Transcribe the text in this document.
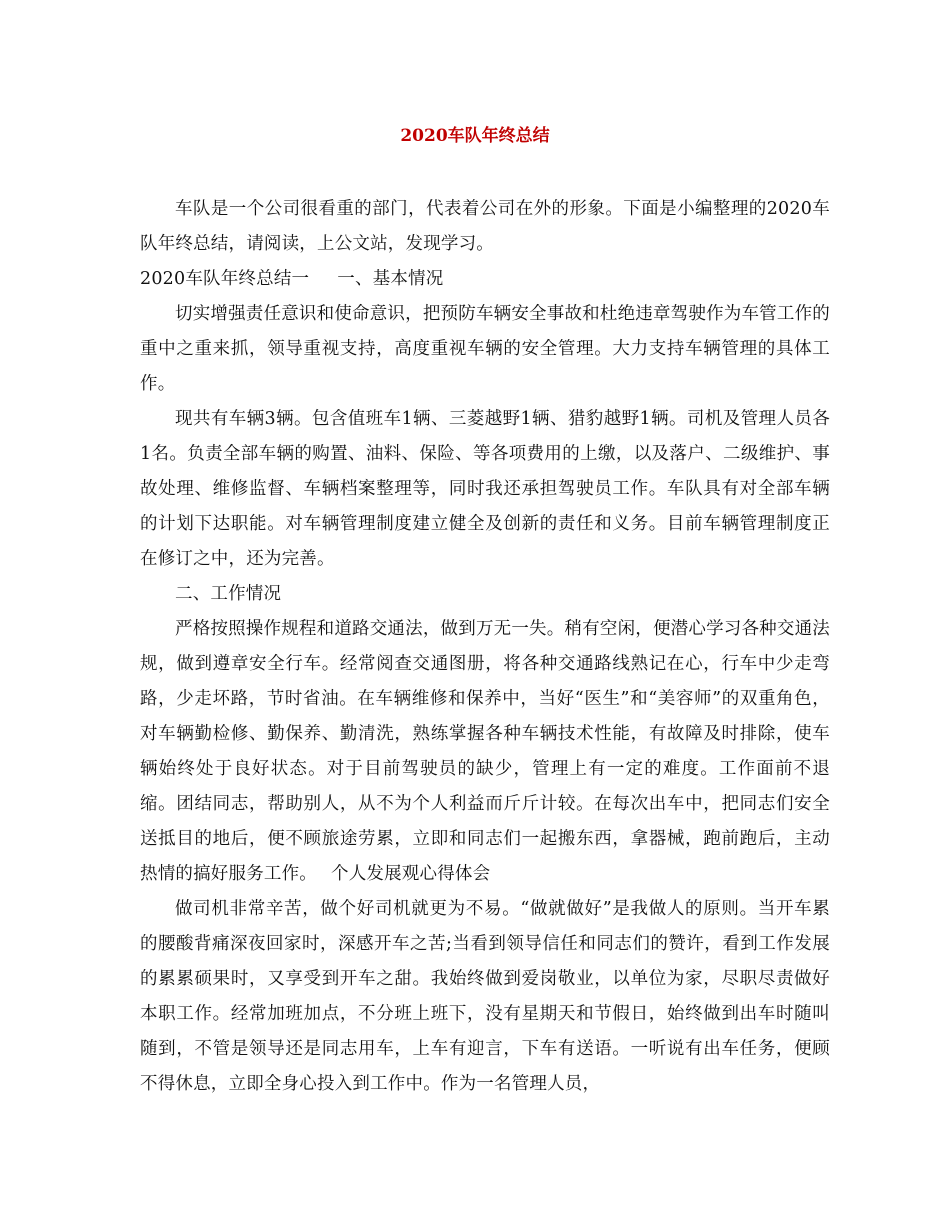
2020车队年终总结

车队是一个公司很看重的部门，代表着公司在外的形象。下面是小编整理的2020车队年终总结，请阅读，上公文站，发现学习。

2020车队年终总结一 一、基本情况

切实增强责任意识和使命意识，把预防车辆安全事故和杜绝违章驾驶作为车管工作的重中之重来抓，领导重视支持，高度重视车辆的安全管理。大力支持车辆管理的具体工作。

现共有车辆3辆。包含值班车1辆、三菱越野1辆、猎豹越野1辆。司机及管理人员各1名。负责全部车辆的购置、油料、保险、等各项费用的上缴，以及落户、二级维护、事故处理、维修监督、车辆档案整理等，同时我还承担驾驶员工作。车队具有对全部车辆的计划下达职能。对车辆管理制度建立健全及创新的责任和义务。目前车辆管理制度正在修订之中，还为完善。

二、工作情况

严格按照操作规程和道路交通法，做到万无一失。稍有空闲，便潜心学习各种交通法规，做到遵章安全行车。经常阅查交通图册，将各种交通路线熟记在心，行车中少走弯路，少走坏路，节时省油。在车辆维修和保养中，当好“医生”和“美容师”的双重角色，对车辆勤检修、勤保养、勤清洗，熟练掌握各种车辆技术性能，有故障及时排除，使车辆始终处于良好状态。对于目前驾驶员的缺少，管理上有一定的难度。工作面前不退缩。团结同志，帮助别人，从不为个人利益而斤斤计较。在每次出车中，把同志们安全送抵目的地后，便不顾旅途劳累，立即和同志们一起搬东西，拿器械，跑前跑后，主动热情的搞好服务工作。 个人发展观心得体会

做司机非常辛苦，做个好司机就更为不易。“做就做好”是我做人的原则。当开车累的腰酸背痛深夜回家时，深感开车之苦;当看到领导信任和同志们的赞许，看到工作发展的累累硕果时，又享受到开车之甜。我始终做到爱岗敬业，以单位为家，尽职尽责做好本职工作。经常加班加点，不分班上班下，没有星期天和节假日，始终做到出车时随叫随到，不管是领导还是同志用车，上车有迎言，下车有送语。一听说有出车任务，便顾不得休息，立即全身心投入到工作中。作为一名管理人员，
